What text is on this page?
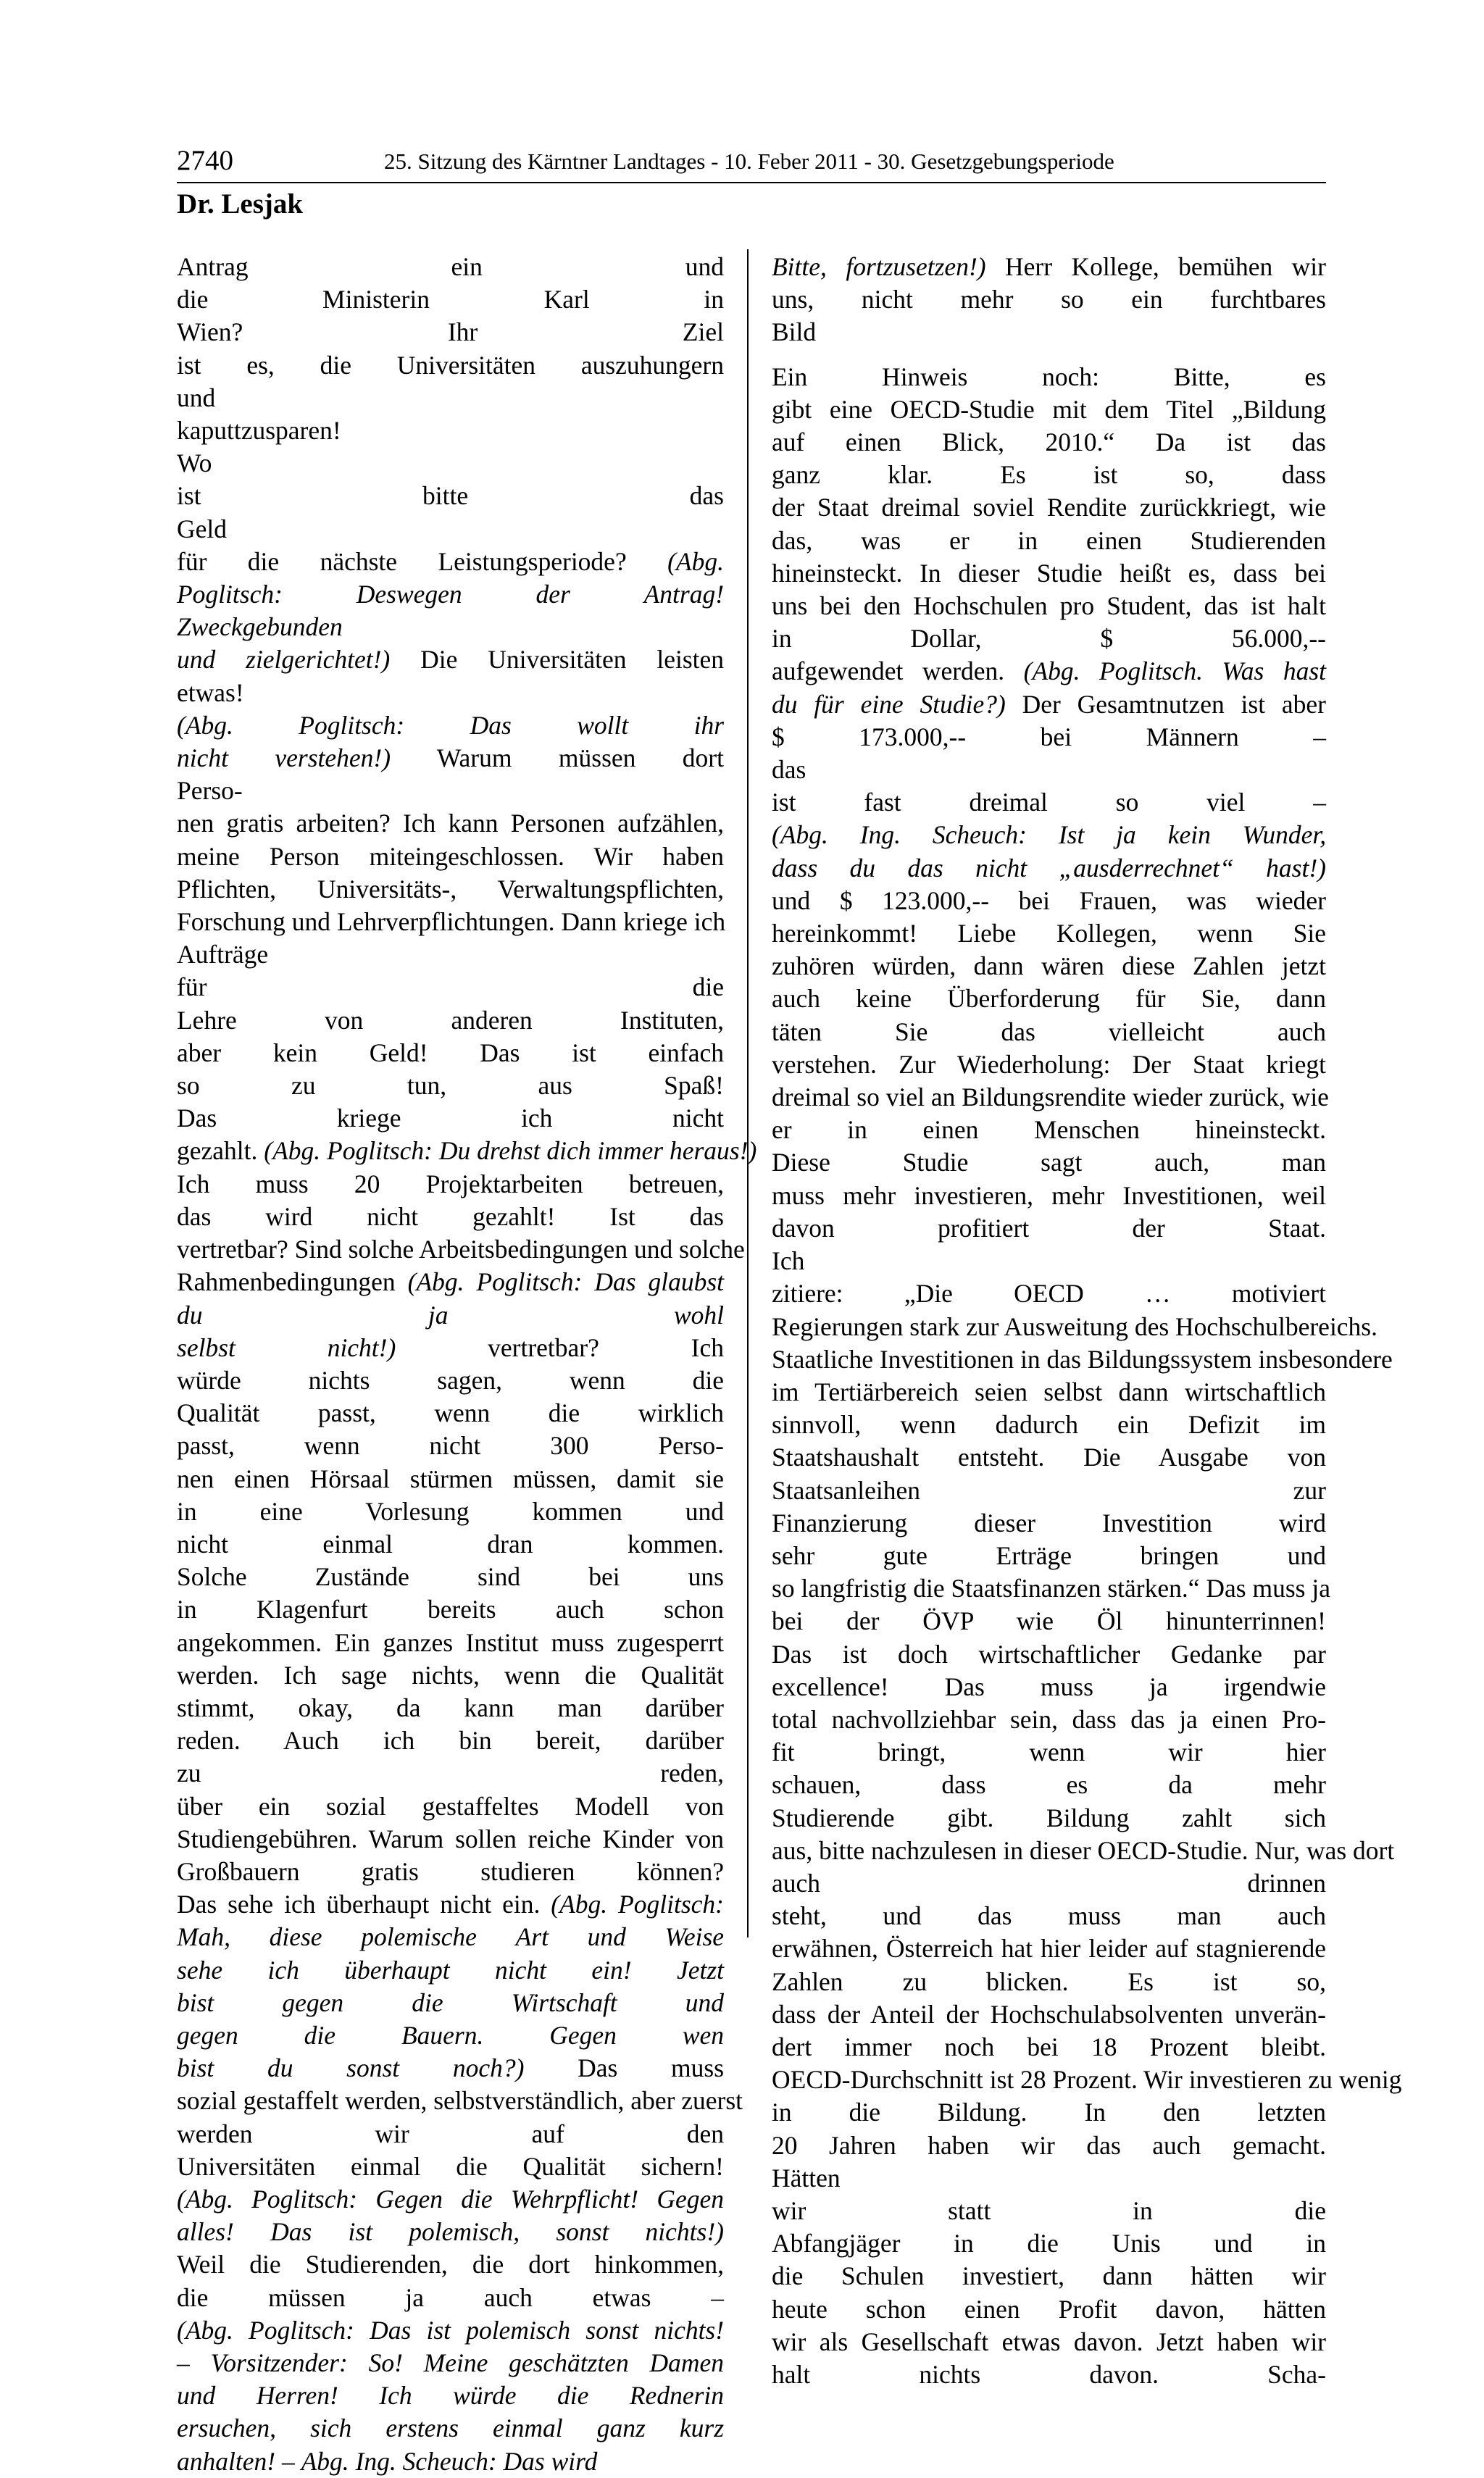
2740	25. Sitzung des Kärntner Landtages - 10. Feber 2011 - 30. Gesetzgebungsperiode
Dr. Lesjak

Antrag ein und
die Ministerin Karl in
Wien? Ihr Ziel
ist es, die Universitäten auszuhungern
und
kaputtzusparen!
Wo
ist bitte das
Geld
für die nächste Leistungsperiode? (Abg.
Poglitsch:	Deswegen	der	Antrag!
Zweckgebunden
und zielgerichtet!) Die Universitäten leisten
etwas!
(Abg.	Poglitsch:	Das	wollt	ihr
nicht verstehen!) Warum müssen dort
Perso-
nen gratis arbeiten? Ich kann Personen aufzählen,
meine Person miteingeschlossen. Wir haben
Pflichten, Universitäts-, Verwaltungspflichten,
Forschung und Lehrverpflichtungen. Dann kriege ich
Aufträge
für die
Lehre von anderen Instituten,
aber kein Geld! Das ist einfach
so zu tun, aus Spaß!
Das kriege ich nicht
gezahlt. (Abg. Poglitsch: Du drehst dich immer heraus!)
Ich muss 20 Projektarbeiten betreuen,
das wird nicht gezahlt! Ist das
vertretbar? Sind solche Arbeitsbedingungen und solche
Rahmenbedingungen (Abg. Poglitsch: Das glaubst
du	ja	wohl
selbst	nicht!) vertretbar? Ich
würde nichts sagen, wenn die
Qualität passt, wenn die wirklich
passt, wenn nicht 300 Perso-
nen einen Hörsaal stürmen müssen, damit sie
in eine Vorlesung kommen und
nicht einmal dran kommen.
Solche Zustände sind bei uns
in Klagenfurt bereits auch schon
angekommen. Ein ganzes Institut muss zugesperrt
werden. Ich sage nichts, wenn die Qualität
stimmt, okay, da kann man darüber
reden. Auch ich bin bereit, darüber
zu reden,
über ein sozial gestaffeltes Modell von
Studiengebühren. Warum sollen reiche Kinder von
Großbauern gratis studieren können?
Das sehe ich überhaupt nicht ein. (Abg. Poglitsch:
Mah, diese polemische Art und Weise
sehe ich überhaupt nicht ein! Jetzt
bist	gegen	die	Wirtschaft	und
gegen	die	Bauern.	Gegen	wen
bist du sonst noch?) Das muss
sozial gestaffelt werden, selbstverständlich, aber zuerst
werden wir auf den
Universitäten einmal die Qualität sichern!
(Abg. Poglitsch: Gegen die Wehrpflicht! Gegen
alles! Das ist polemisch, sonst nichts!)
Weil die Studierenden, die dort hinkommen,
die müssen ja auch etwas –
(Abg. Poglitsch: Das ist polemisch sonst nichts!
– Vorsitzender: So! Meine geschätzten Damen
und Herren! Ich würde die Rednerin
ersuchen, sich erstens einmal ganz kurz
anhalten! – Abg. Ing. Scheuch: Das wird

Bitte, fortzusetzen!) Herr Kollege, bemühen wir
uns, nicht mehr so ein furchtbares
Bild

Ein Hinweis noch: Bitte, es
gibt eine OECD-Studie mit dem Titel „Bildung
auf einen Blick, 2010.“ Da ist das
ganz klar. Es ist so, dass
der Staat dreimal soviel Rendite zurückkriegt, wie
das, was er in einen Studierenden
hineinsteckt. In dieser Studie heißt es, dass bei
uns bei den Hochschulen pro Student, das ist halt
in Dollar, $ 56.000,--
aufgewendet werden. (Abg. Poglitsch. Was hast
du für eine Studie?) Der Gesamtnutzen ist aber
$ 173.000,-- bei Männern –
das
ist fast dreimal so viel –
(Abg. Ing. Scheuch: Ist ja kein Wunder,
dass du das nicht „ausderrechnet“ hast!)
und $ 123.000,-- bei Frauen, was wieder
hereinkommt! Liebe Kollegen, wenn Sie
zuhören würden, dann wären diese Zahlen jetzt
auch keine Überforderung für Sie, dann
täten Sie das vielleicht auch
verstehen. Zur Wiederholung: Der Staat kriegt
dreimal so viel an Bildungsrendite wieder zurück, wie
er in einen Menschen hineinsteckt.
Diese Studie sagt auch, man
muss mehr investieren, mehr Investitionen, weil
davon profitiert der Staat.
Ich
zitiere: „Die OECD … motiviert
Regierungen stark zur Ausweitung des Hochschulbereichs.
Staatliche Investitionen in das Bildungssystem insbesondere
im Tertiärbereich seien selbst dann wirtschaftlich
sinnvoll, wenn dadurch ein Defizit im
Staatshaushalt entsteht. Die Ausgabe von
Staatsanleihen zur
Finanzierung dieser Investition wird
sehr gute Erträge bringen und
so langfristig die Staatsfinanzen stärken.“ Das muss ja
bei der ÖVP wie Öl hinunterrinnen!
Das ist doch wirtschaftlicher Gedanke par
excellence! Das muss ja irgendwie
total nachvollziehbar sein, dass das ja einen Pro-
fit bringt, wenn wir hier
schauen, dass es da mehr
Studierende gibt. Bildung zahlt sich
aus, bitte nachzulesen in dieser OECD-Studie. Nur, was dort
auch drinnen
steht, und das muss man auch
erwähnen, Österreich hat hier leider auf stagnierende
Zahlen zu blicken. Es ist so,
dass der Anteil der Hochschulabsolventen unverän-
dert immer noch bei 18 Prozent bleibt.
OECD-Durchschnitt ist 28 Prozent. Wir investieren zu wenig
in die Bildung. In den letzten
20 Jahren haben wir das auch gemacht.
Hätten
wir statt in die
Abfangjäger in die Unis und in
die Schulen investiert, dann hätten wir
heute schon einen Profit davon, hätten
wir als Gesellschaft etwas davon. Jetzt haben wir
halt nichts davon. Scha-
